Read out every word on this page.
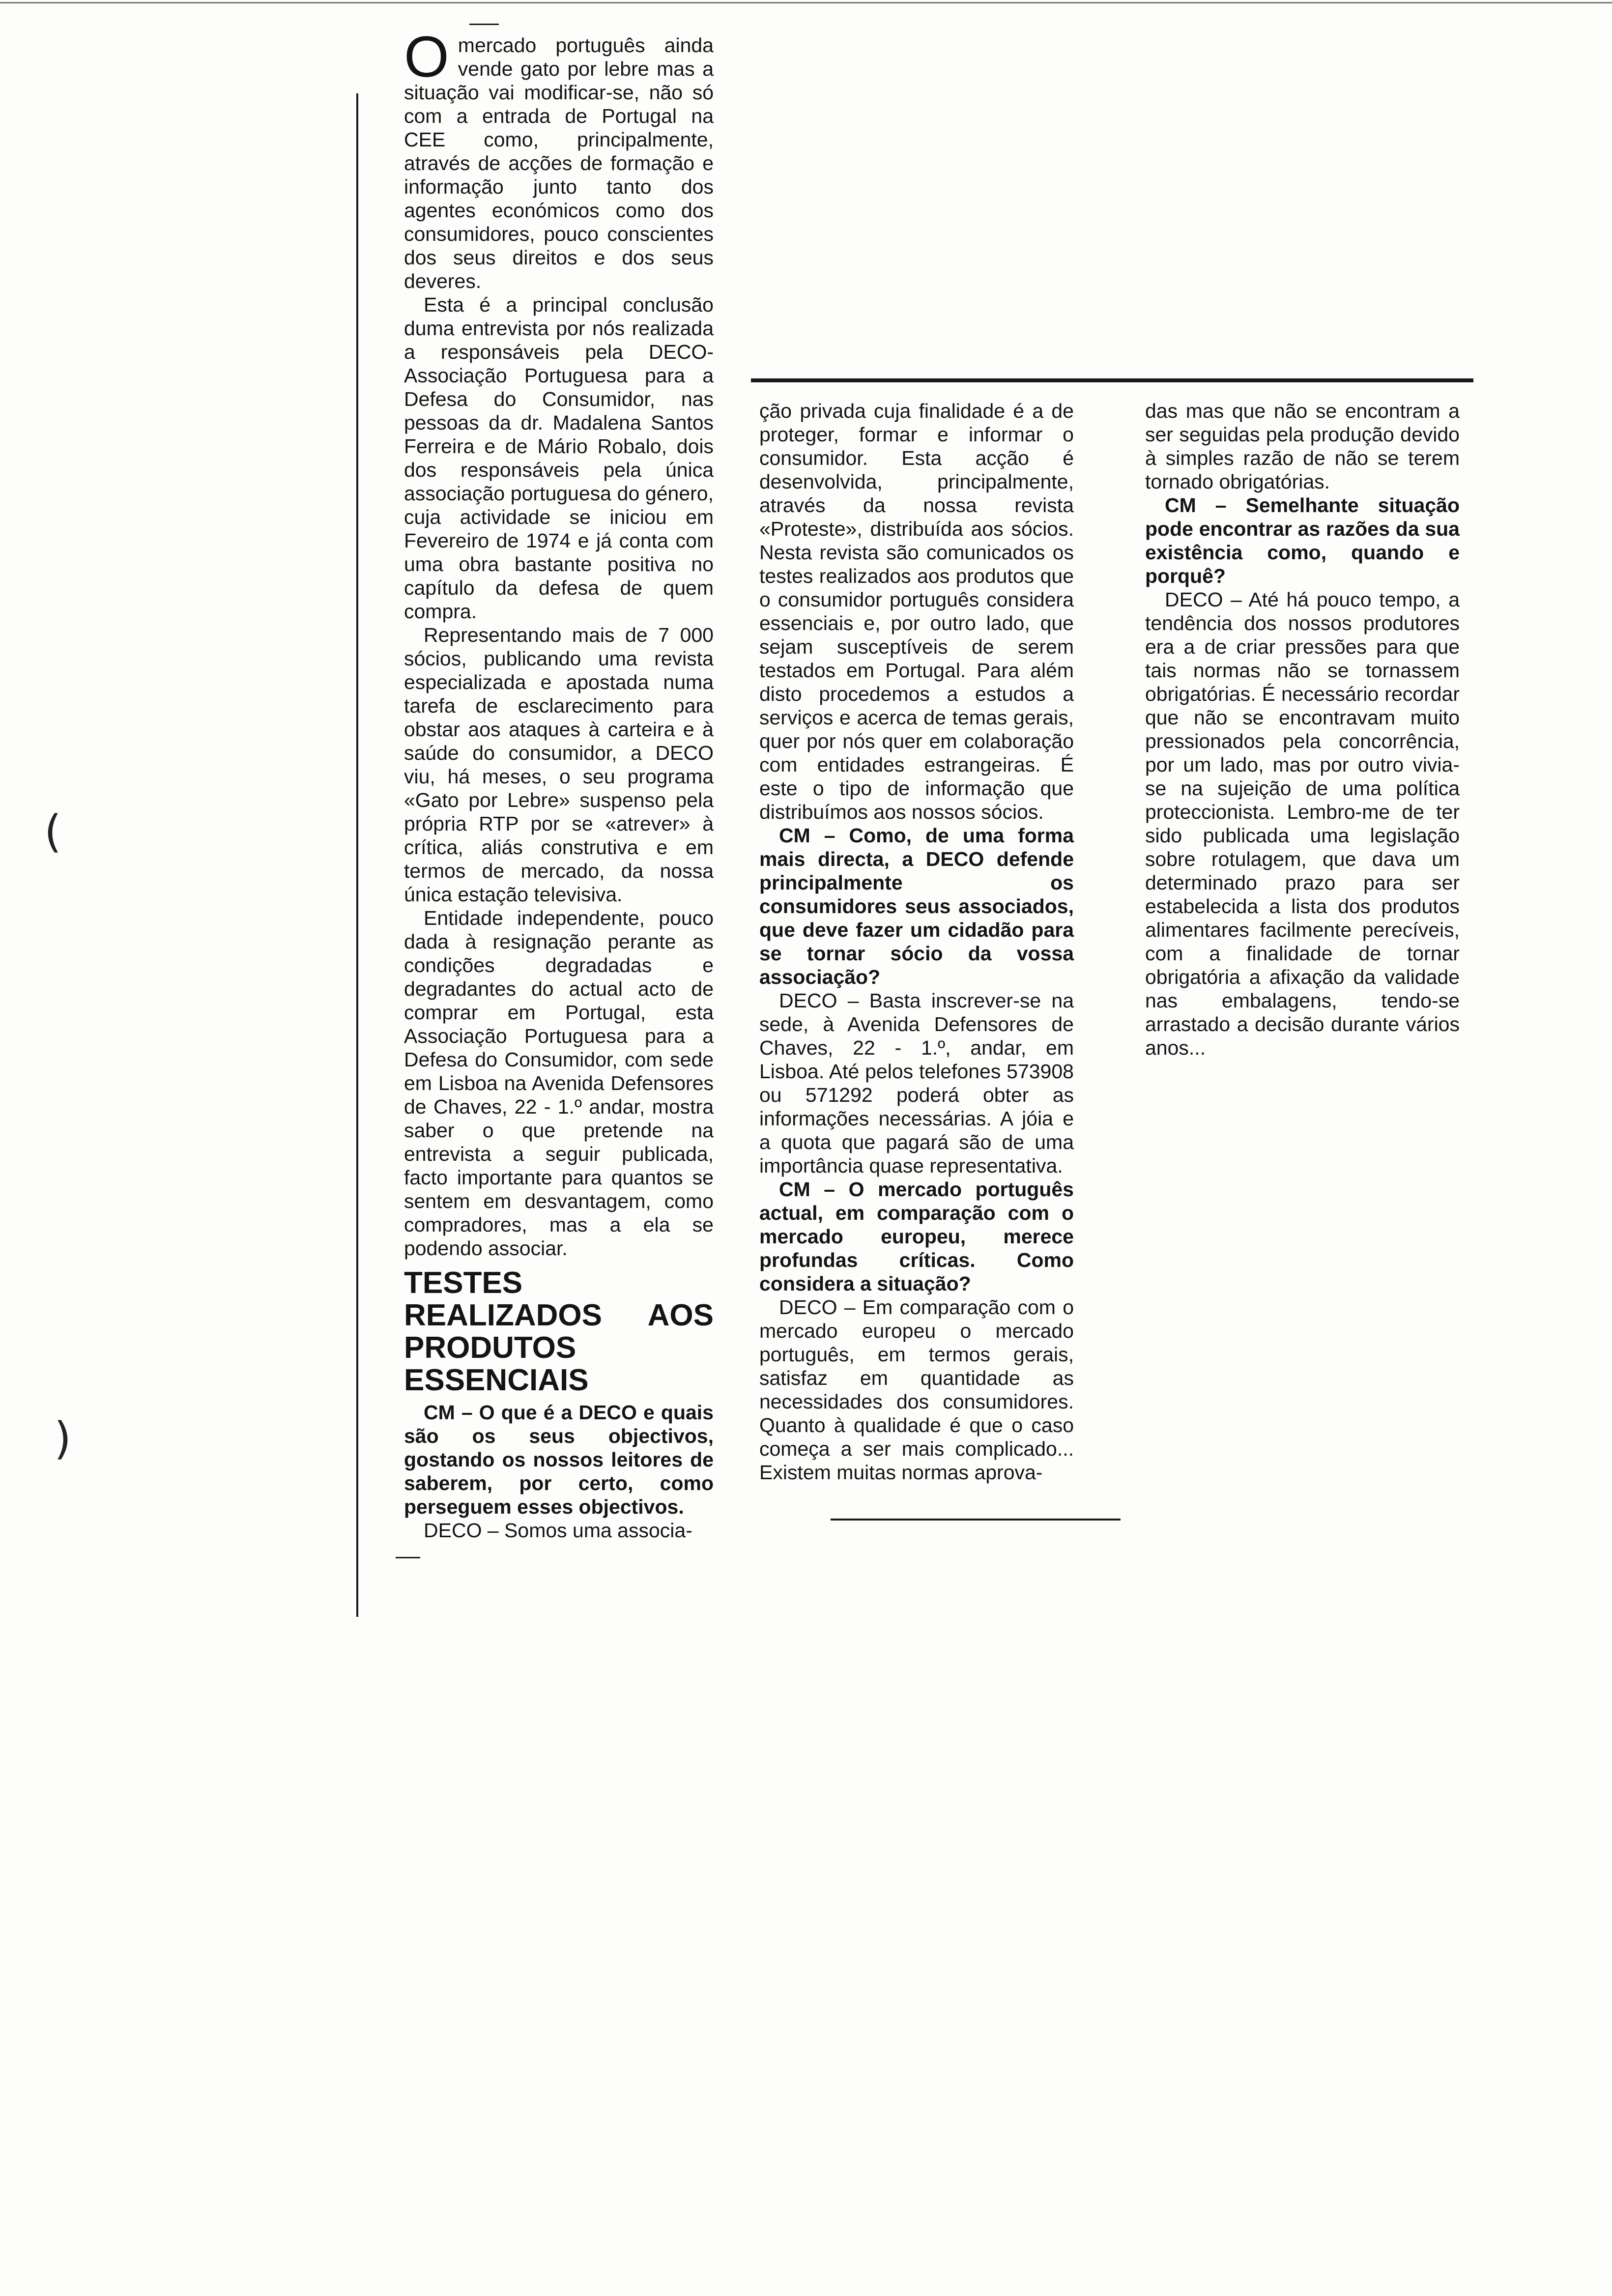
(
)
O mercado português ainda vende gato por lebre mas a situação vai modificar-se, não só com a entrada de Portugal na CEE como, principalmente, através de acções de formação e informação junto tanto dos agentes económicos como dos consumidores, pouco conscientes dos seus direitos e dos seus deveres.

Esta é a principal conclusão duma entrevista por nós realizada a responsáveis pela DECO-Associação Portuguesa para a Defesa do Consumidor, nas pessoas da dr. Madalena Santos Ferreira e de Mário Robalo, dois dos responsáveis pela única associação portuguesa do género, cuja actividade se iniciou em Fevereiro de 1974 e já conta com uma obra bastante positiva no capítulo da defesa de quem compra.

Representando mais de 7 000 sócios, publicando uma revista especializada e apostada numa tarefa de esclarecimento para obstar aos ataques à carteira e à saúde do consumidor, a DECO viu, há meses, o seu programa «Gato por Lebre» suspenso pela própria RTP por se «atrever» à crítica, aliás construtiva e em termos de mercado, da nossa única estação televisiva.

Entidade independente, pouco dada à resignação perante as condições degradadas e degradantes do actual acto de comprar em Portugal, esta Associação Portuguesa para a Defesa do Consumidor, com sede em Lisboa na Avenida Defensores de Chaves, 22 - 1.º andar, mostra saber o que pretende na entrevista a seguir publicada, facto importante para quantos se sentem em desvantagem, como compradores, mas a ela se podendo associar.

TESTES REALIZADOS AOS PRODUTOS ESSENCIAIS

CM – O que é a DECO e quais são os seus objectivos, gostando os nossos leitores de saberem, por certo, como perseguem esses objectivos.

DECO – Somos uma associa-

ção privada cuja finalidade é a de proteger, formar e informar o consumidor. Esta acção é desenvolvida, principalmente, através da nossa revista «Proteste», distribuída aos sócios. Nesta revista são comunicados os testes realizados aos produtos que o consumidor português considera essenciais e, por outro lado, que sejam susceptíveis de serem testados em Portugal. Para além disto procedemos a estudos a serviços e acerca de temas gerais, quer por nós quer em colaboração com entidades estrangeiras. É este o tipo de informação que distribuímos aos nossos sócios.

CM – Como, de uma forma mais directa, a DECO defende principalmente os consumidores seus associados, que deve fazer um cidadão para se tornar sócio da vossa associação?

DECO – Basta inscrever-se na sede, à Avenida Defensores de Chaves, 22 - 1.º, andar, em Lisboa. Até pelos telefones 573908 ou 571292 poderá obter as informações necessárias. A jóia e a quota que pagará são de uma importância quase representativa.

CM – O mercado português actual, em comparação com o mercado europeu, merece profundas críticas. Como considera a situação?

DECO – Em comparação com o mercado europeu o mercado português, em termos gerais, satisfaz em quantidade as necessidades dos consumidores. Quanto à qualidade é que o caso começa a ser mais complicado... Existem muitas normas aprova-

das mas que não se encontram a ser seguidas pela produção devido à simples razão de não se terem tornado obrigatórias.

CM – Semelhante situação pode encontrar as razões da sua existência como, quando e porquê?

DECO – Até há pouco tempo, a tendência dos nossos produtores era a de criar pressões para que tais normas não se tornassem obrigatórias. É necessário recordar que não se encontravam muito pressionados pela concorrência, por um lado, mas por outro vivia-se na sujeição de uma política proteccionista. Lembro-me de ter sido publicada uma legislação sobre rotulagem, que dava um determinado prazo para ser estabelecida a lista dos produtos alimentares facilmente perecíveis, com a finalidade de tornar obrigatória a afixação da validade nas embalagens, tendo-se arrastado a decisão durante vários anos...
